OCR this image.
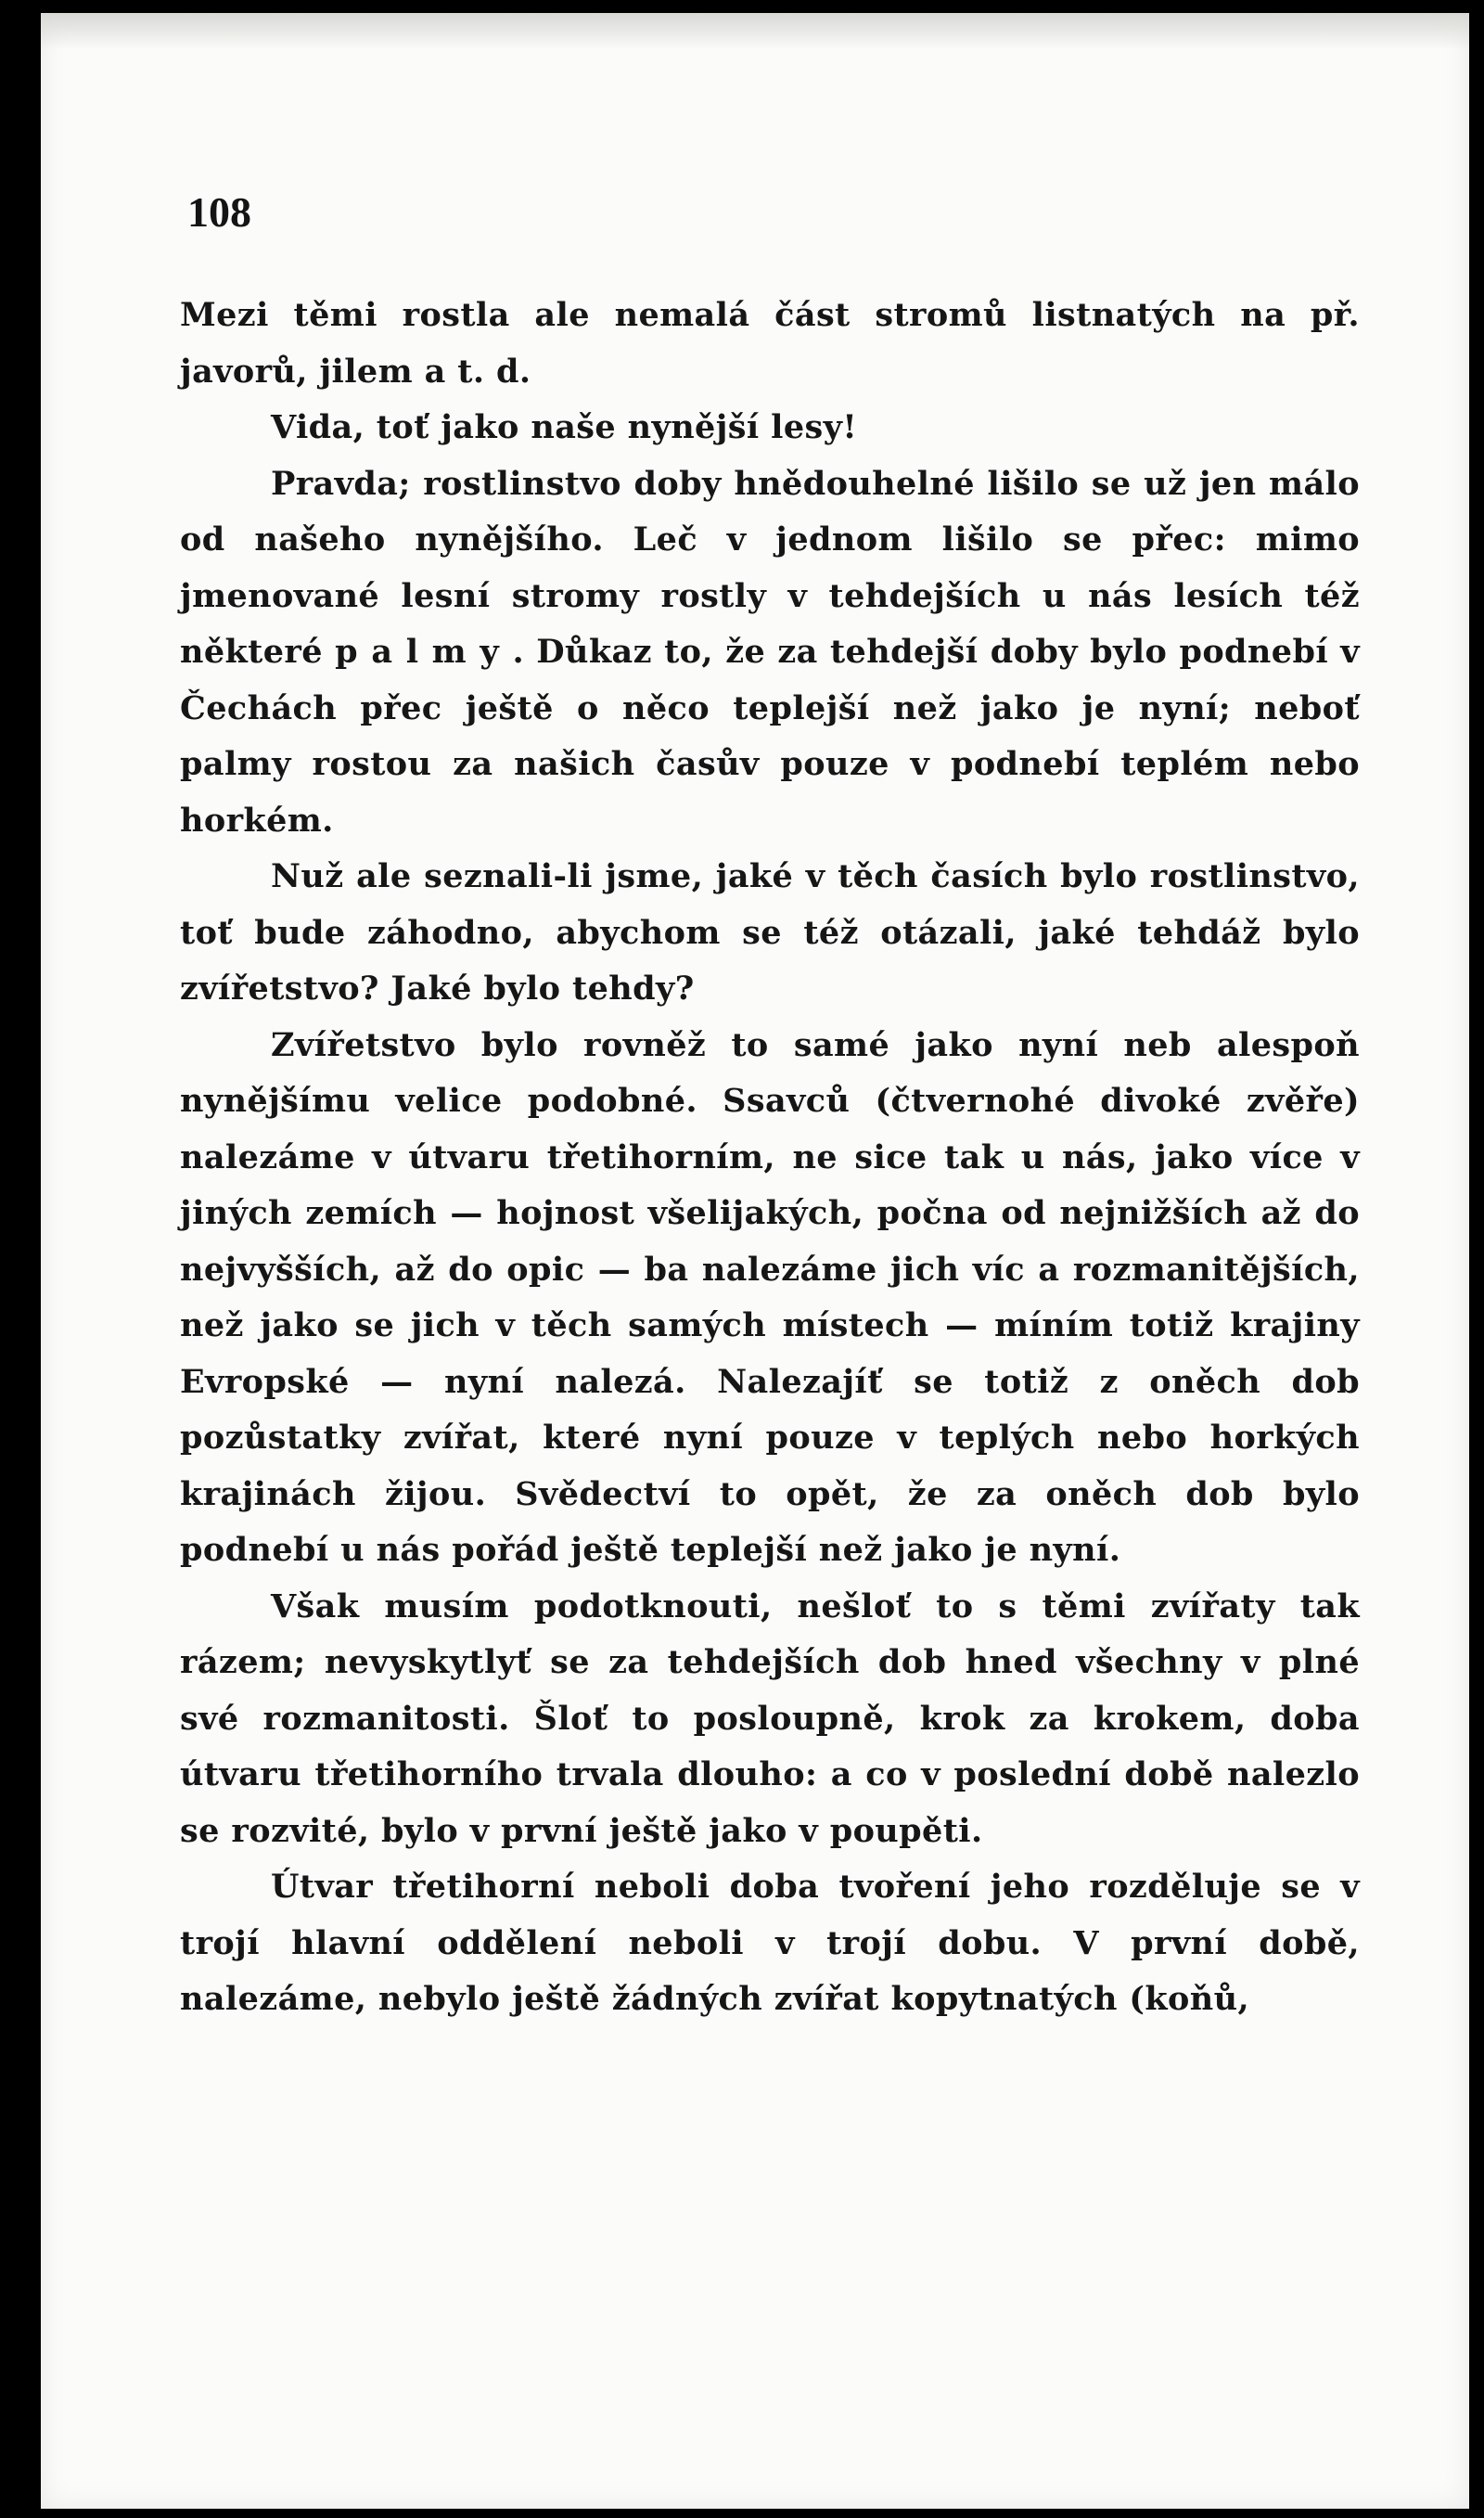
108

Mezi těmi rostla ale nemalá část stromů listnatých na př. javorů, jilem a t. d.

Vida, toť jako naše nynější lesy!

Pravda; rostlinstvo doby hnědouhelné lišilo se už jen málo od našeho nynějšího. Leč v jednom lišilo se přec: mimo jmenované lesní stromy rostly v tehdejších u nás lesích též některé palmy. Důkaz to, že za tehdejší doby bylo podnebí v Čechách přec ještě o něco teplejší než jako je nyní; neboť palmy rostou za našich časův pouze v podnebí teplém nebo horkém.

Nuž ale seznali-li jsme, jaké v těch časích bylo rostlinstvo, toť bude záhodno, abychom se též otázali, jaké tehdáž bylo zvířetstvo? Jaké bylo tehdy?

Zvířetstvo bylo rovněž to samé jako nyní neb alespoň nynějšímu velice podobné. Ssavců (čtvernohé divoké zvěře) nalezáme v útvaru třetihorním, ne sice tak u nás, jako více v jiných zemích — hojnost všelijakých, počna od nejnižších až do nejvyšších, až do opic — ba nalezáme jich víc a rozmanitějších, než jako se jich v těch samých místech — míním totiž krajiny Evropské — nyní nalezá. Nalezajíť se totiž z oněch dob pozůstatky zvířat, které nyní pouze v teplých nebo horkých krajinách žijou. Svědectví to opět, že za oněch dob bylo podnebí u nás pořád ještě teplejší než jako je nyní.

Však musím podotknouti, nešloť to s těmi zvířaty tak rázem; nevyskytlyť se za tehdejších dob hned všechny v plné své rozmanitosti. Šloť to posloupně, krok za krokem, doba útvaru třetihorního trvala dlouho: a co v poslední době nalezlo se rozvité, bylo v první ještě jako v poupěti.

Útvar třetihorní neboli doba tvoření jeho rozděluje se v trojí hlavní oddělení neboli v trojí dobu. V první době, nalezáme, nebylo ještě žádných zvířat kopytnatých (koňů,
